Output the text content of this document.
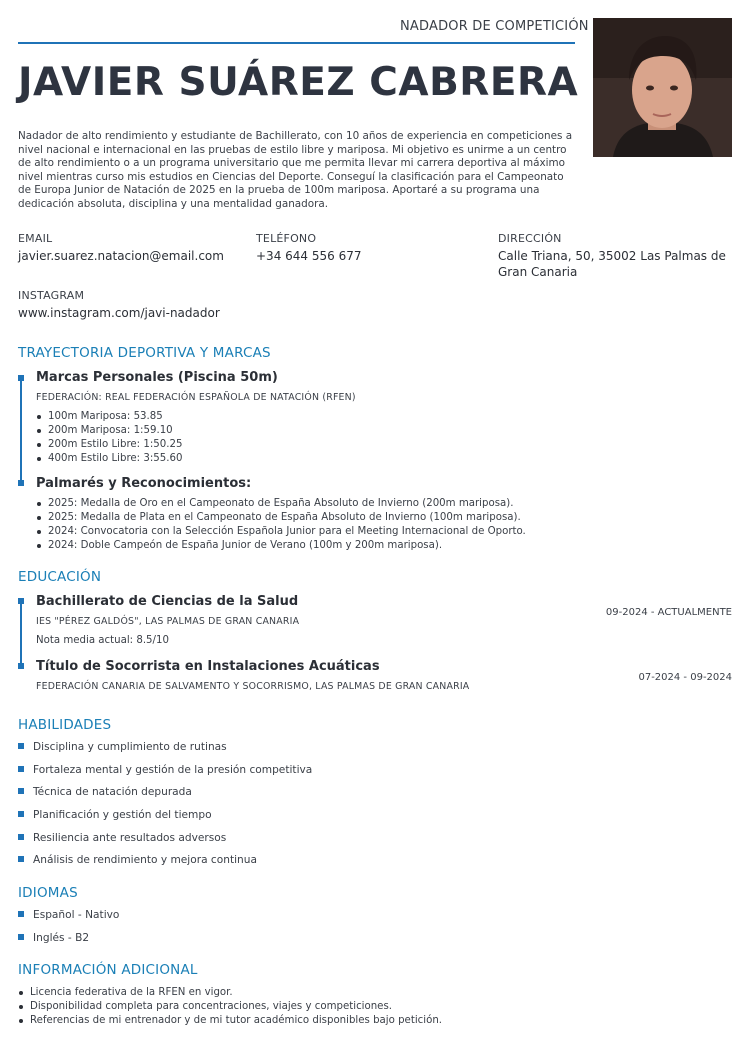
NADADOR DE COMPETICIÓN
JAVIER SUÁREZ CABRERA
Nadador de alto rendimiento y estudiante de Bachillerato, con 10 años de experiencia en competiciones a nivel nacional e internacional en las pruebas de estilo libre y mariposa. Mi objetivo es unirme a un centro de alto rendimiento o a un programa universitario que me permita llevar mi carrera deportiva al máximo nivel mientras curso mis estudios en Ciencias del Deporte. Conseguí la clasificación para el Campeonato de Europa Junior de Natación de 2025 en la prueba de 100m mariposa. Aportaré a su programa una dedicación absoluta, disciplina y una mentalidad ganadora.
EMAIL
javier.suarez.natacion@email.com
TELÉFONO
+34 644 556 677
DIRECCIÓN
Calle Triana, 50, 35002 Las Palmas de Gran Canaria
INSTAGRAM
www.instagram.com/javi-nadador
TRAYECTORIA DEPORTIVA Y MARCAS
Marcas Personales (Piscina 50m)
FEDERACIÓN: REAL FEDERACIÓN ESPAÑOLA DE NATACIÓN (RFEN)
100m Mariposa: 53.85
200m Mariposa: 1:59.10
200m Estilo Libre: 1:50.25
400m Estilo Libre: 3:55.60
Palmarés y Reconocimientos:
2025: Medalla de Oro en el Campeonato de España Absoluto de Invierno (200m mariposa).
2025: Medalla de Plata en el Campeonato de España Absoluto de Invierno (100m mariposa).
2024: Convocatoria con la Selección Española Junior para el Meeting Internacional de Oporto.
2024: Doble Campeón de España Junior de Verano (100m y 200m mariposa).
EDUCACIÓN
Bachillerato de Ciencias de la Salud
IES "PÉREZ GALDÓS", LAS PALMAS DE GRAN CANARIA
Nota media actual: 8.5/10
09-2024 - ACTUALMENTE
Título de Socorrista en Instalaciones Acuáticas
FEDERACIÓN CANARIA DE SALVAMENTO Y SOCORRISMO, LAS PALMAS DE GRAN CANARIA
07-2024 - 09-2024
HABILIDADES
Disciplina y cumplimiento de rutinas
Fortaleza mental y gestión de la presión competitiva
Técnica de natación depurada
Planificación y gestión del tiempo
Resiliencia ante resultados adversos
Análisis de rendimiento y mejora continua
IDIOMAS
Español - Nativo
Inglés - B2
INFORMACIÓN ADICIONAL
Licencia federativa de la RFEN en vigor.
Disponibilidad completa para concentraciones, viajes y competiciones.
Referencias de mi entrenador y de mi tutor académico disponibles bajo petición.
